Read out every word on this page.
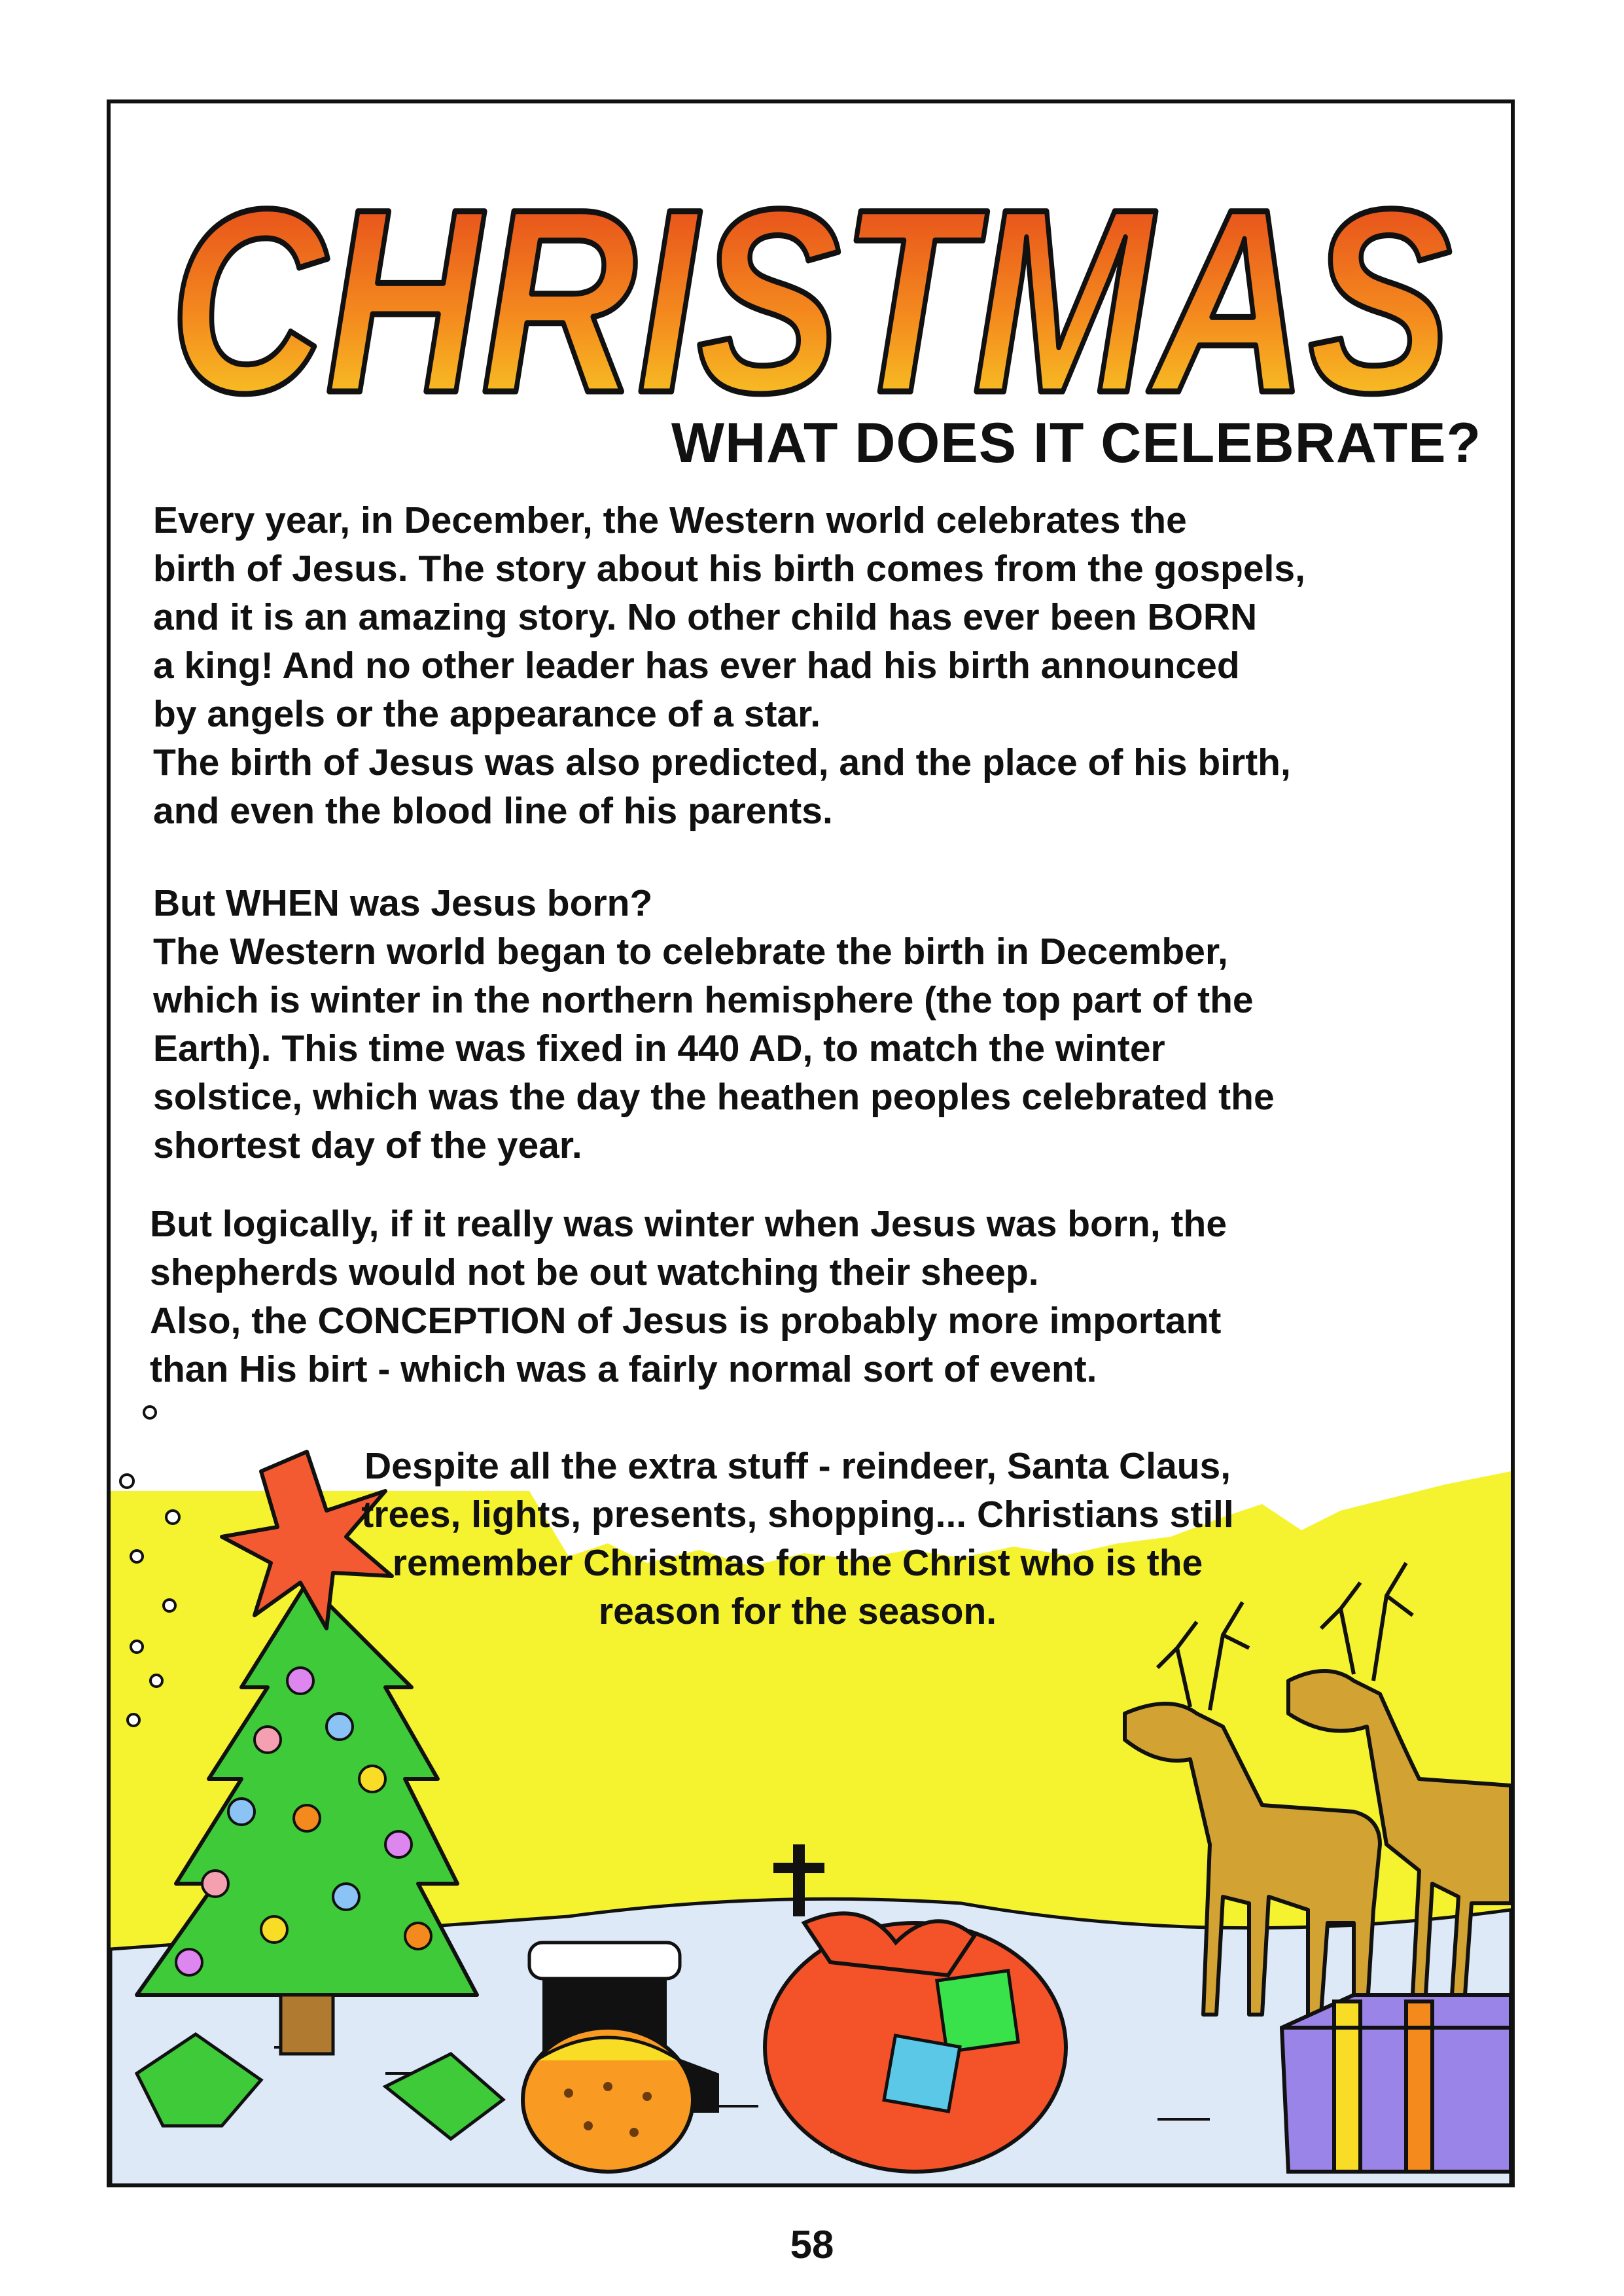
CHRISTMAS
WHAT DOES IT CELEBRATE?

Every year, in December, the Western world celebrates the

birth of Jesus. The story about his birth comes from the gospels,

and it is an amazing story. No other child has ever been BORN

a king! And no other leader has ever had his birth announced

by angels or the appearance of a star.

The birth of Jesus was also predicted, and the place of his birth,

and even the blood line of his parents.

But WHEN was Jesus born?

The Western world began to celebrate the birth in December,

which is winter in the northern hemisphere (the top part of the

Earth). This time was fixed in 440 AD, to match the winter

solstice, which was the day the heathen peoples celebrated the

shortest day of the year.

But logically, if it really was winter when Jesus was born, the

shepherds would not be out watching their sheep.

Also, the CONCEPTION of Jesus is probably more important

than His birt - which was a fairly normal sort of event.

Despite all the extra stuff - reindeer, Santa Claus,

trees, lights, presents, shopping... Christians still

remember Christmas for the Christ who is the

reason for the season.

58
